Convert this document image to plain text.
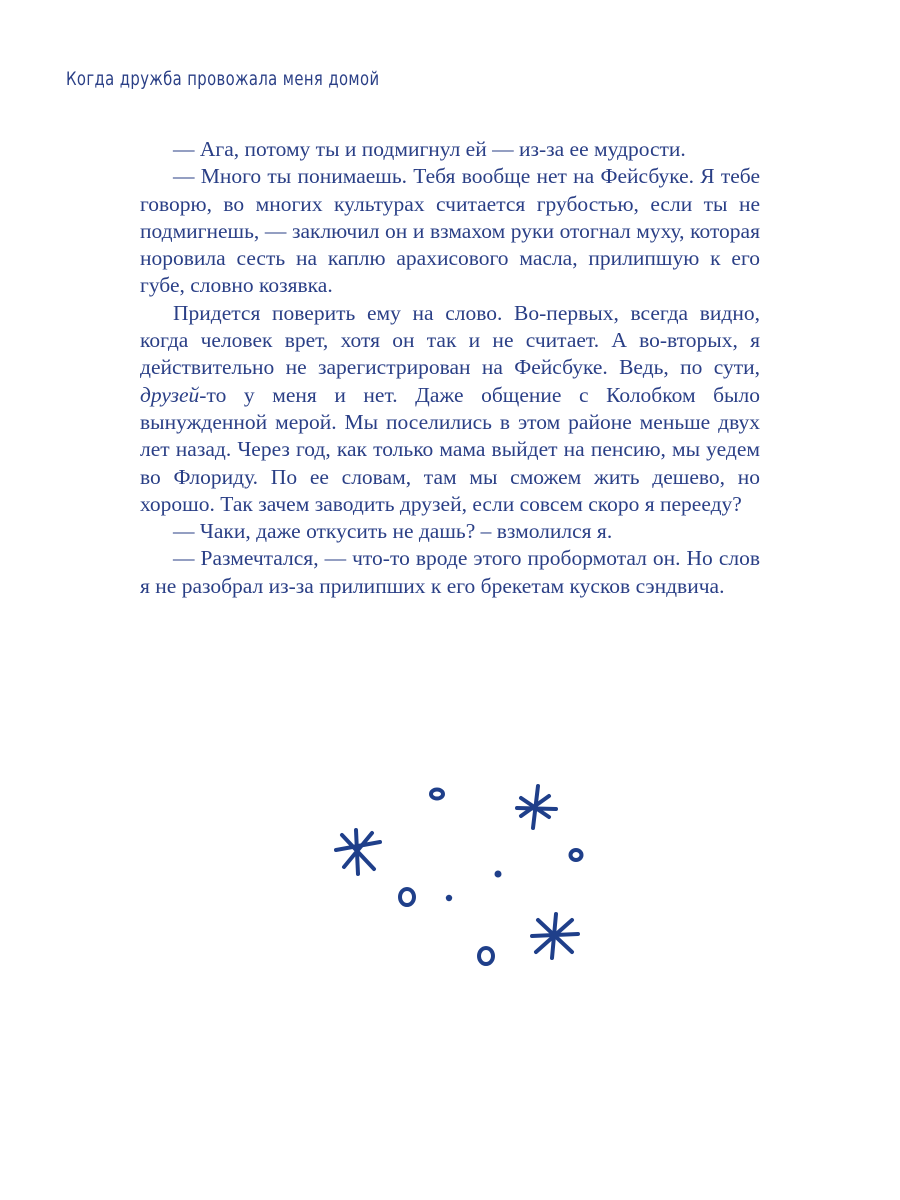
Когда дружба провожала меня домой

— Ага, потому ты и подмигнул ей — из-за ее мудрости.

— Много ты понимаешь. Тебя вообще нет на Фейсбуке. Я тебе говорю, во многих культурах считается грубостью, если ты не подмигнешь, — заключил он и взмахом руки отогнал муху, которая норовила сесть на каплю арахисового масла, прилипшую к его губе, словно козявка.

Придется поверить ему на слово. Во-первых, всегда видно, когда человек врет, хотя он так и не считает. А во-вторых, я действительно не зарегистрирован на Фейсбуке. Ведь, по сути, друзей-то у меня и нет. Даже общение с Колобком было вынужденной мерой. Мы поселились в этом районе меньше двух лет назад. Через год, как только мама выйдет на пенсию, мы уедем во Флориду. По ее словам, там мы сможем жить дешево, но хорошо. Так зачем заводить друзей, если совсем скоро я перееду?

— Чаки, даже откусить не дашь? – взмолился я.

— Размечтался, — что-то вроде этого пробормотал он. Но слов я не разобрал из-за прилипших к его брекетам кусков сэндвича.
